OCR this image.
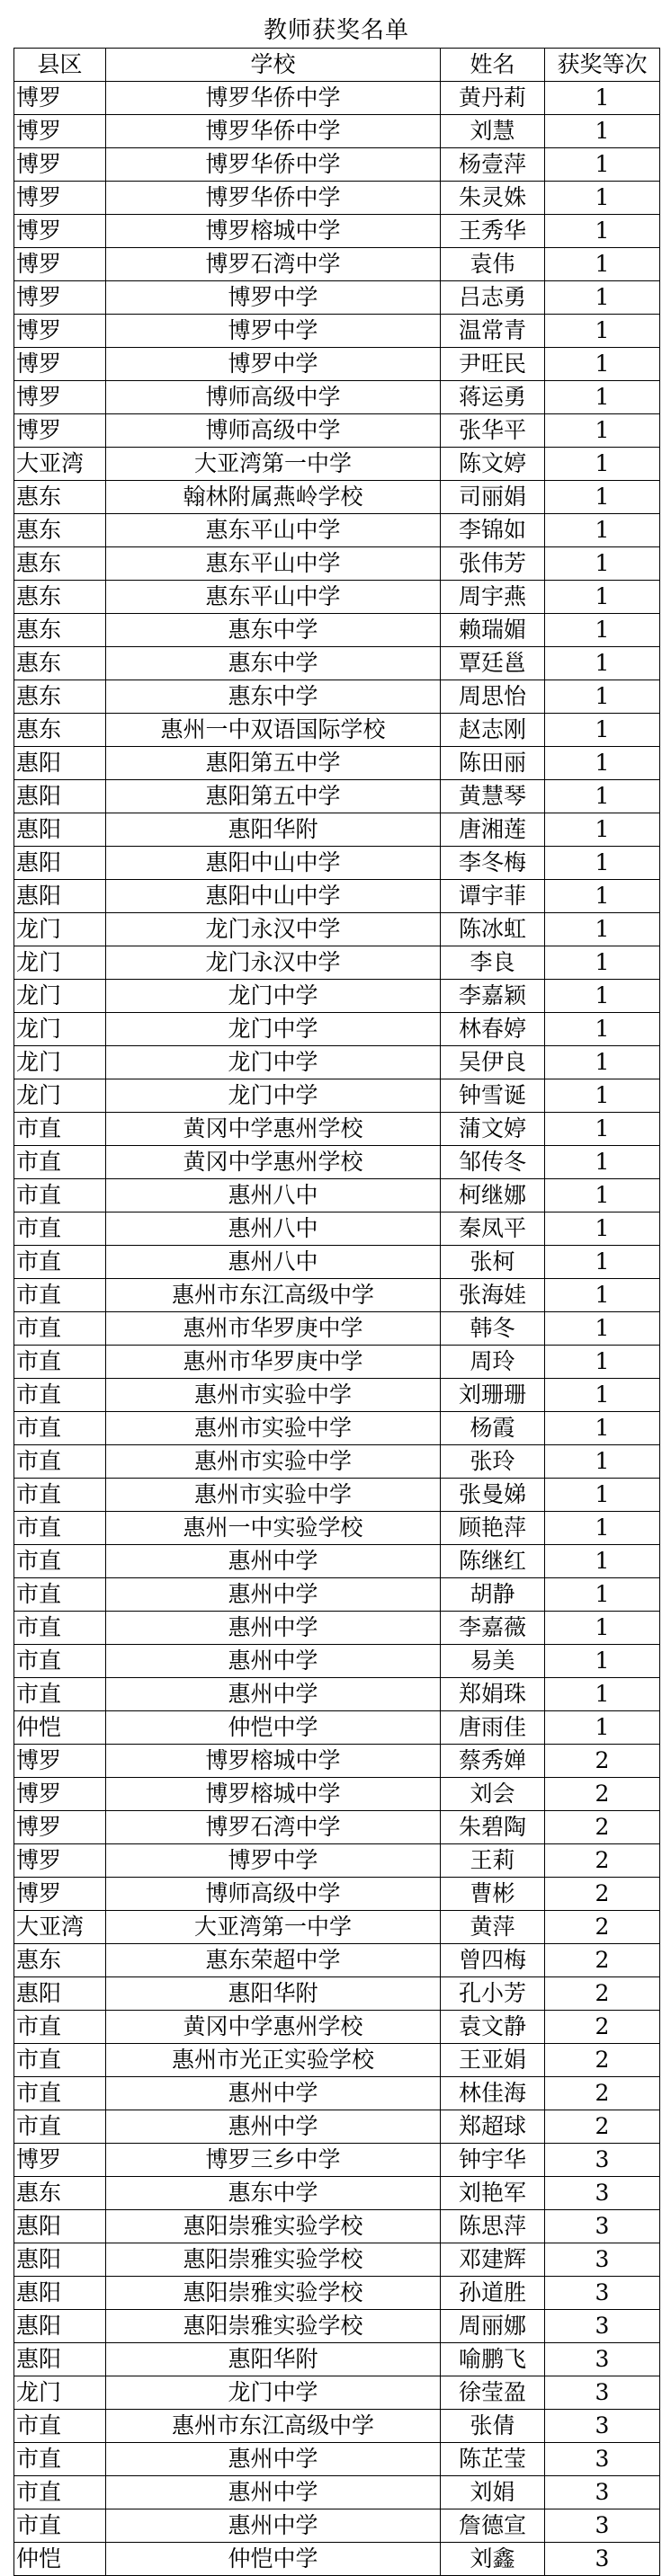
教师获奖名单
县区	学校	姓名	获奖等次
博罗	博罗华侨中学	黄丹莉	1
博罗	博罗华侨中学	刘慧	1
博罗	博罗华侨中学	杨壹萍	1
博罗	博罗华侨中学	朱灵姝	1
博罗	博罗榕城中学	王秀华	1
博罗	博罗石湾中学	袁伟	1
博罗	博罗中学	吕志勇	1
博罗	博罗中学	温常青	1
博罗	博罗中学	尹旺民	1
博罗	博师高级中学	蒋运勇	1
博罗	博师高级中学	张华平	1
大亚湾	大亚湾第一中学	陈文婷	1
惠东	翰林附属燕岭学校	司丽娟	1
惠东	惠东平山中学	李锦如	1
惠东	惠东平山中学	张伟芳	1
惠东	惠东平山中学	周宇燕	1
惠东	惠东中学	赖瑞媚	1
惠东	惠东中学	覃廷邕	1
惠东	惠东中学	周思怡	1
惠东	惠州一中双语国际学校	赵志刚	1
惠阳	惠阳第五中学	陈田丽	1
惠阳	惠阳第五中学	黄慧琴	1
惠阳	惠阳华附	唐湘莲	1
惠阳	惠阳中山中学	李冬梅	1
惠阳	惠阳中山中学	谭宇菲	1
龙门	龙门永汉中学	陈冰虹	1
龙门	龙门永汉中学	李良	1
龙门	龙门中学	李嘉颖	1
龙门	龙门中学	林春婷	1
龙门	龙门中学	吴伊良	1
龙门	龙门中学	钟雪诞	1
市直	黄冈中学惠州学校	蒲文婷	1
市直	黄冈中学惠州学校	邹传冬	1
市直	惠州八中	柯继娜	1
市直	惠州八中	秦凤平	1
市直	惠州八中	张柯	1
市直	惠州市东江高级中学	张海娃	1
市直	惠州市华罗庚中学	韩冬	1
市直	惠州市华罗庚中学	周玲	1
市直	惠州市实验中学	刘珊珊	1
市直	惠州市实验中学	杨霞	1
市直	惠州市实验中学	张玲	1
市直	惠州市实验中学	张曼娣	1
市直	惠州一中实验学校	顾艳萍	1
市直	惠州中学	陈继红	1
市直	惠州中学	胡静	1
市直	惠州中学	李嘉薇	1
市直	惠州中学	易美	1
市直	惠州中学	郑娟珠	1
仲恺	仲恺中学	唐雨佳	1
博罗	博罗榕城中学	蔡秀婵	2
博罗	博罗榕城中学	刘会	2
博罗	博罗石湾中学	朱碧陶	2
博罗	博罗中学	王莉	2
博罗	博师高级中学	曹彬	2
大亚湾	大亚湾第一中学	黄萍	2
惠东	惠东荣超中学	曾四梅	2
惠阳	惠阳华附	孔小芳	2
市直	黄冈中学惠州学校	袁文静	2
市直	惠州市光正实验学校	王亚娟	2
市直	惠州中学	林佳海	2
市直	惠州中学	郑超球	2
博罗	博罗三乡中学	钟宇华	3
惠东	惠东中学	刘艳军	3
惠阳	惠阳崇雅实验学校	陈思萍	3
惠阳	惠阳崇雅实验学校	邓建辉	3
惠阳	惠阳崇雅实验学校	孙道胜	3
惠阳	惠阳崇雅实验学校	周丽娜	3
惠阳	惠阳华附	喻鹏飞	3
龙门	龙门中学	徐莹盈	3
市直	惠州市东江高级中学	张倩	3
市直	惠州中学	陈芷莹	3
市直	惠州中学	刘娟	3
市直	惠州中学	詹德宣	3
仲恺	仲恺中学	刘鑫	3
